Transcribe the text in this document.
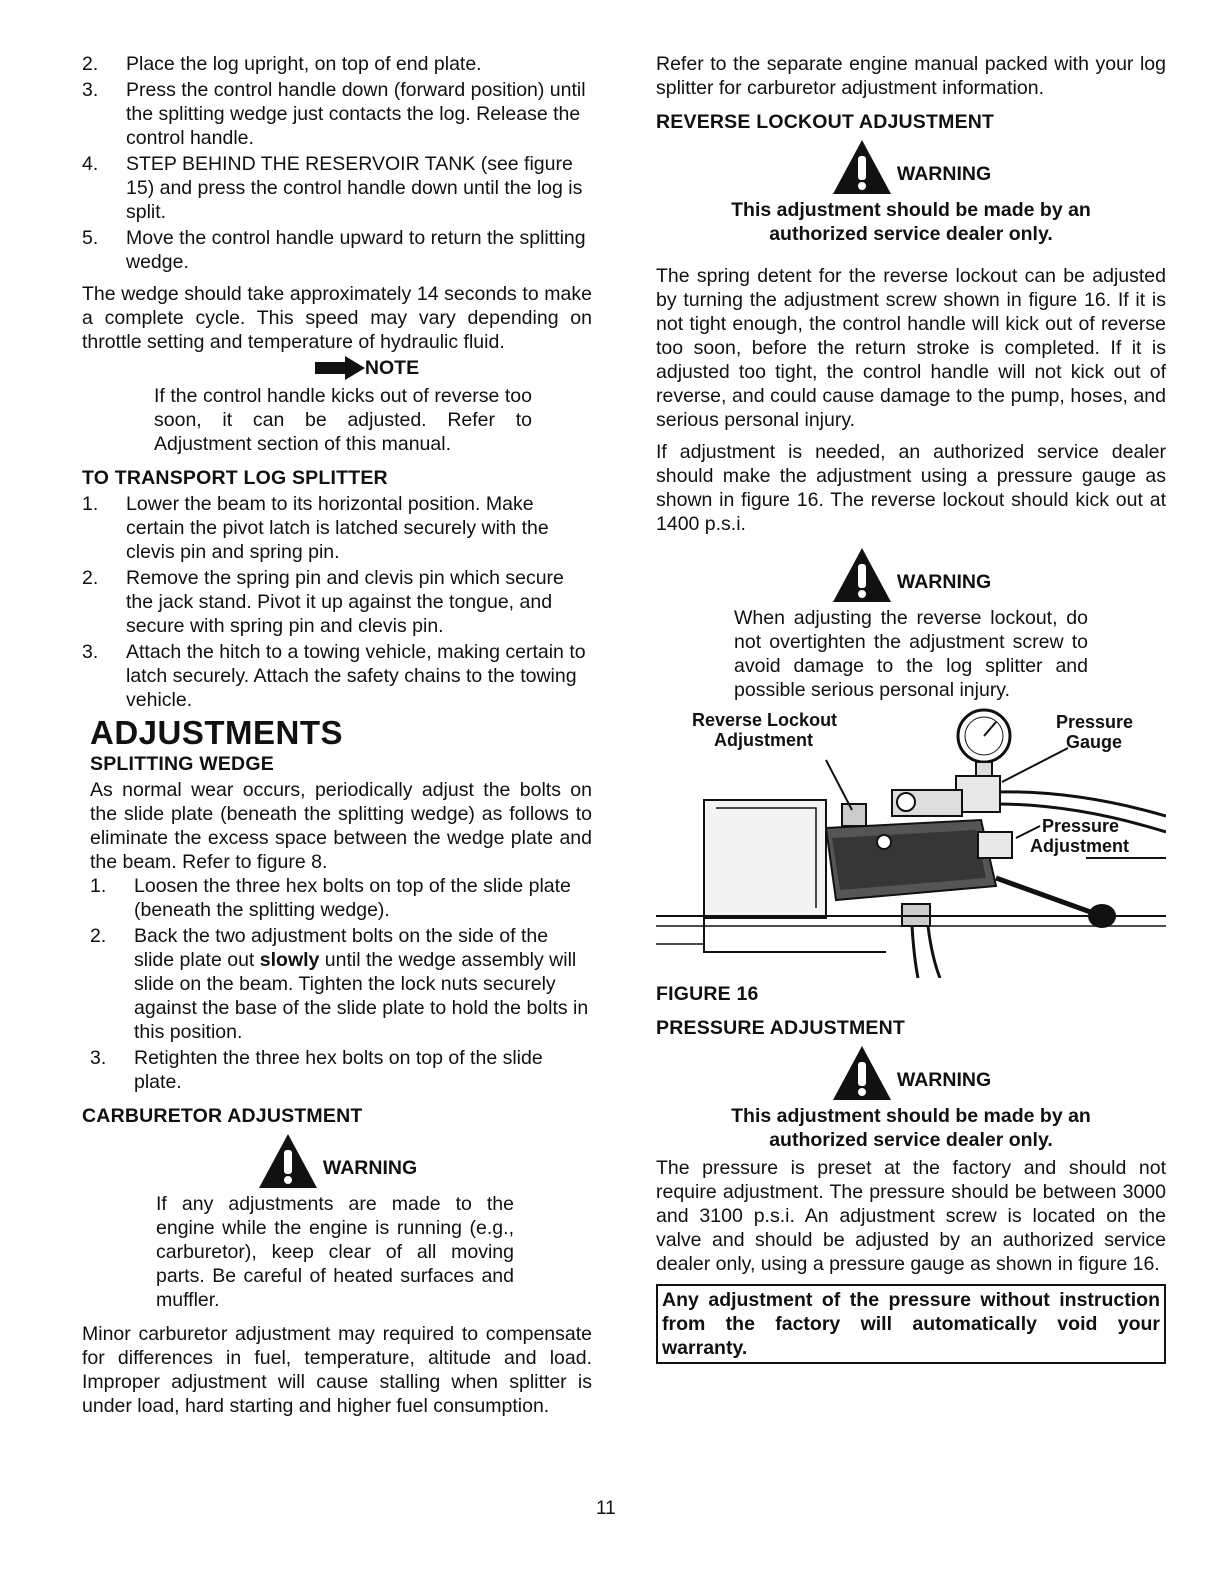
2. Place the log upright, on top of end plate.
3. Press the control handle down (forward position) until the splitting wedge just contacts the log. Release the control handle.
4. STEP BEHIND THE RESERVOIR TANK (see figure 15) and press the control handle down until the log is split.
5. Move the control handle upward to return the splitting wedge.

The wedge should take approximately 14 seconds to make a complete cycle. This speed may vary depending on throttle setting and temperature of hydraulic fluid.

NOTE

If the control handle kicks out of reverse too soon, it can be adjusted. Refer to Adjustment section of this manual.

TO TRANSPORT LOG SPLITTER
1. Lower the beam to its horizontal position. Make certain the pivot latch is latched securely with the clevis pin and spring pin.
2. Remove the spring pin and clevis pin which secure the jack stand. Pivot it up against the tongue, and secure with spring pin and clevis pin.
3. Attach the hitch to a towing vehicle, making certain to latch securely. Attach the safety chains to the towing vehicle.
ADJUSTMENTS
SPLITTING WEDGE

As normal wear occurs, periodically adjust the bolts on the slide plate (beneath the splitting wedge) as follows to eliminate the excess space between the wedge plate and the beam. Refer to figure 8.

1. Loosen the three hex bolts on top of the slide plate (beneath the splitting wedge).
2. Back the two adjustment bolts on the side of the slide plate out slowly until the wedge assembly will slide on the beam. Tighten the lock nuts securely against the base of the slide plate to hold the bolts in this position.
3. Retighten the three hex bolts on top of the slide plate.
CARBURETOR ADJUSTMENT
WARNING

If any adjustments are made to the engine while the engine is running (e.g., carburetor), keep clear of all moving parts. Be careful of heated surfaces and muffler.

Minor carburetor adjustment may required to compensate for differences in fuel, temperature, altitude and load. Improper adjustment will cause stalling when splitter is under load, hard starting and higher fuel consumption.

Refer to the separate engine manual packed with your log splitter for carburetor adjustment information.

REVERSE LOCKOUT ADJUSTMENT
WARNING
This adjustment should be made by an authorized service dealer only.

The spring detent for the reverse lockout can be adjusted by turning the adjustment screw shown in figure 16. If it is not tight enough, the control handle will kick out of reverse too soon, before the return stroke is completed. If it is adjusted too tight, the control handle will not kick out of reverse, and could cause damage to the pump, hoses, and serious personal injury.

If adjustment is needed, an authorized service dealer should make the adjustment using a pressure gauge as shown in figure 16. The reverse lockout should kick out at 1400 p.s.i.

WARNING

When adjusting the reverse lockout, do not overtighten the adjustment screw to avoid damage to the log splitter and possible serious personal injury.

Reverse Lockout
Adjustment
Pressure
Gauge
Pressure
Adjustment
FIGURE 16
PRESSURE ADJUSTMENT
WARNING
This adjustment should be made by an authorized service dealer only.

The pressure is preset at the factory and should not require adjustment. The pressure should be between 3000 and 3100 p.s.i. An adjustment screw is located on the valve and should be adjusted by an authorized service dealer only, using a pressure gauge as shown in figure 16.

Any adjustment of the pressure without instruction from the factory will automatically void your warranty.
11
